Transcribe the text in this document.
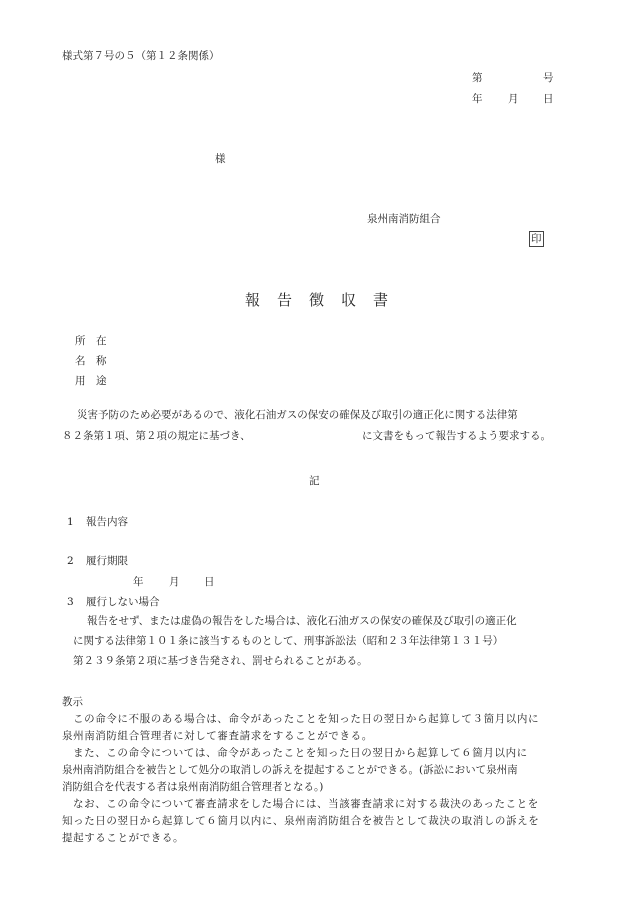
様式第７号の５（第１２条関係）
第	号
年 月 日
様
泉州南消防組合
印
報告徴収書
所　在
名　称
用　途
災害予防のため必要があるので、液化石油ガスの保安の確保及び取引の適正化に関する法律第
８２条第１項、第２項の規定に基づき、	に文書をもって報告するよう要求する。
記
1 報告内容
2 履行期限
年 月 日
3 履行しない場合
報告をせず、または虚偽の報告をした場合は、液化石油ガスの保安の確保及び取引の適正化
に関する法律第１０１条に該当するものとして、刑事訴訟法（昭和２３年法律第１３１号）
第２３９条第２項に基づき告発され、罰せられることがある。
教示
この命令に不服のある場合は、命令があったことを知った日の翌日から起算して３箇月以内に
泉州南消防組合管理者に対して審査請求をすることができる。
また、この命令については、命令があったことを知った日の翌日から起算して６箇月以内に
泉州南消防組合を被告として処分の取消しの訴えを提起することができる。(訴訟において泉州南
消防組合を代表する者は泉州南消防組合管理者となる。)
なお、この命令について審査請求をした場合には、当該審査請求に対する裁決のあったことを
知った日の翌日から起算して６箇月以内に、泉州南消防組合を被告として裁決の取消しの訴えを
提起することができる。
